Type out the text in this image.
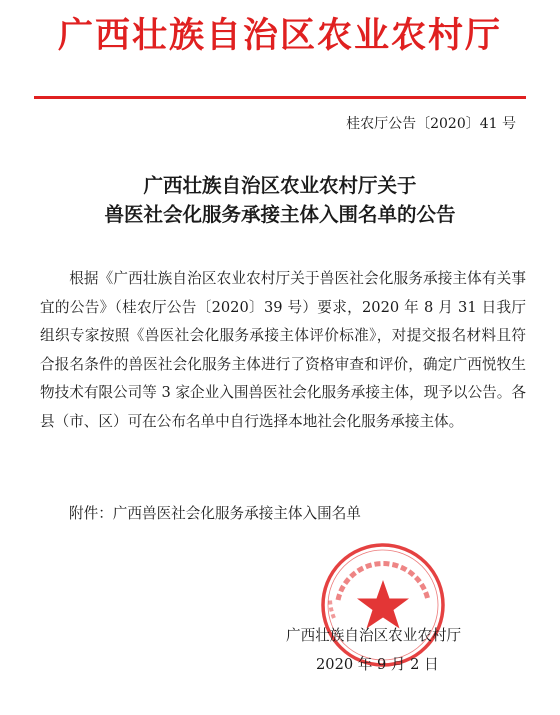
广西壮族自治区农业农村厅
桂农厅公告〔2020〕41 号
广西壮族自治区农业农村厅关于
兽医社会化服务承接主体入围名单的公告
根据《广西壮族自治区农业农村厅关于兽医社会化服务承接主体有关事宜的公告》（桂农厅公告〔2020〕39 号）要求，2020 年 8 月 31 日我厅组织专家按照《兽医社会化服务承接主体评价标准》，对提交报名材料且符合报名条件的兽医社会化服务主体进行了资格审查和评价，确定广西悦牧生物技术有限公司等 3 家企业入围兽医社会化服务承接主体，现予以公告。各县（市、区）可在公布名单中自行选择本地社会化服务承接主体。
附件：广西兽医社会化服务承接主体入围名单
广西壮族自治区农业农村厅
2020 年 9 月 2 日
